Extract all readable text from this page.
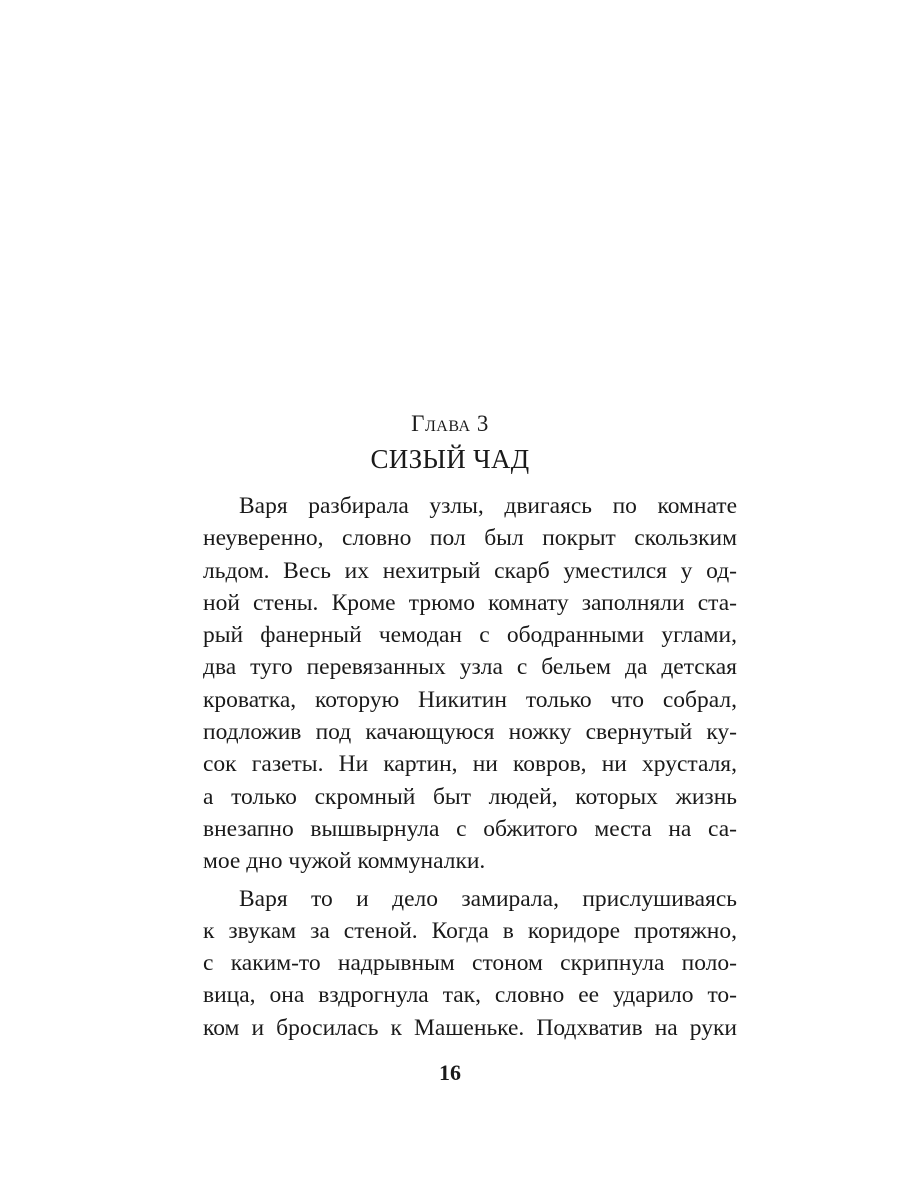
Глава 3
СИЗЫЙ ЧАД
Варя разбирала узлы, двигаясь по комнате
неуверенно, словно пол был покрыт скользким
льдом. Весь их нехитрый скарб уместился у од-
ной стены. Кроме трюмо комнату заполняли ста-
рый фанерный чемодан с ободранными углами,
два туго перевязанных узла с бельем да детская
кроватка, которую Никитин только что собрал,
подложив под качающуюся ножку свернутый ку-
сок газеты. Ни картин, ни ковров, ни хрусталя,
а только скромный быт людей, которых жизнь
внезапно вышвырнула с обжитого места на са-
мое дно чужой коммуналки.
Варя то и дело замирала, прислушиваясь
к звукам за стеной. Когда в коридоре протяжно,
с каким-то надрывным стоном скрипнула поло-
вица, она вздрогнула так, словно ее ударило то-
ком и бросилась к Машеньке. Подхватив на руки
16
